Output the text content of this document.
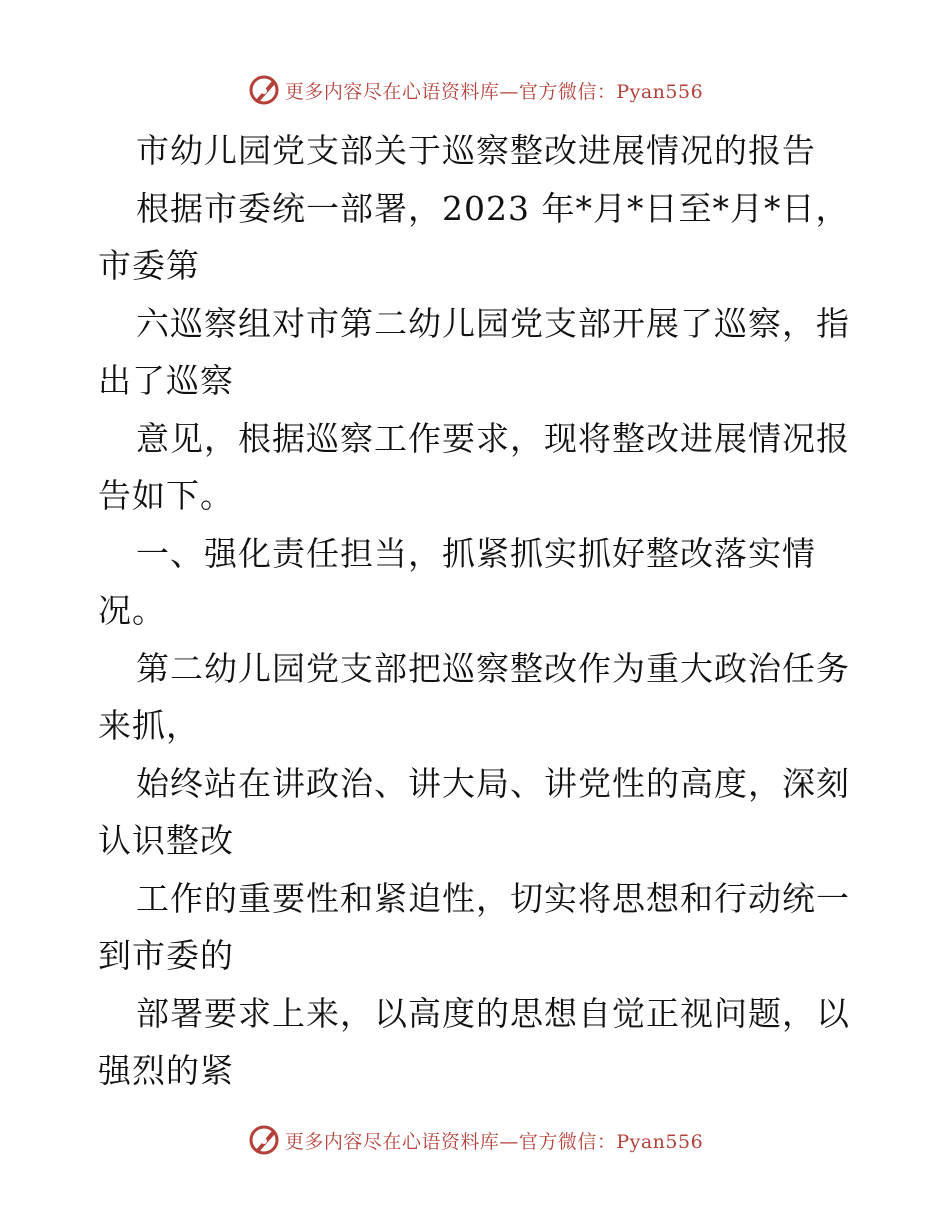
更多内容尽在心语资料库—官方微信：Pyan556
市幼儿园党支部关于巡察整改进展情况的报告
根据市委统一部署，2023 年*月*日至*月*日，
市委第
六巡察组对市第二幼儿园党支部开展了巡察，指
出了巡察
意见，根据巡察工作要求，现将整改进展情况报
告如下。
一、强化责任担当，抓紧抓实抓好整改落实情
况。
第二幼儿园党支部把巡察整改作为重大政治任务
来抓，
始终站在讲政治、讲大局、讲党性的高度，深刻
认识整改
工作的重要性和紧迫性，切实将思想和行动统一
到市委的
部署要求上来，以高度的思想自觉正视问题，以
强烈的紧
更多内容尽在心语资料库—官方微信：Pyan556
